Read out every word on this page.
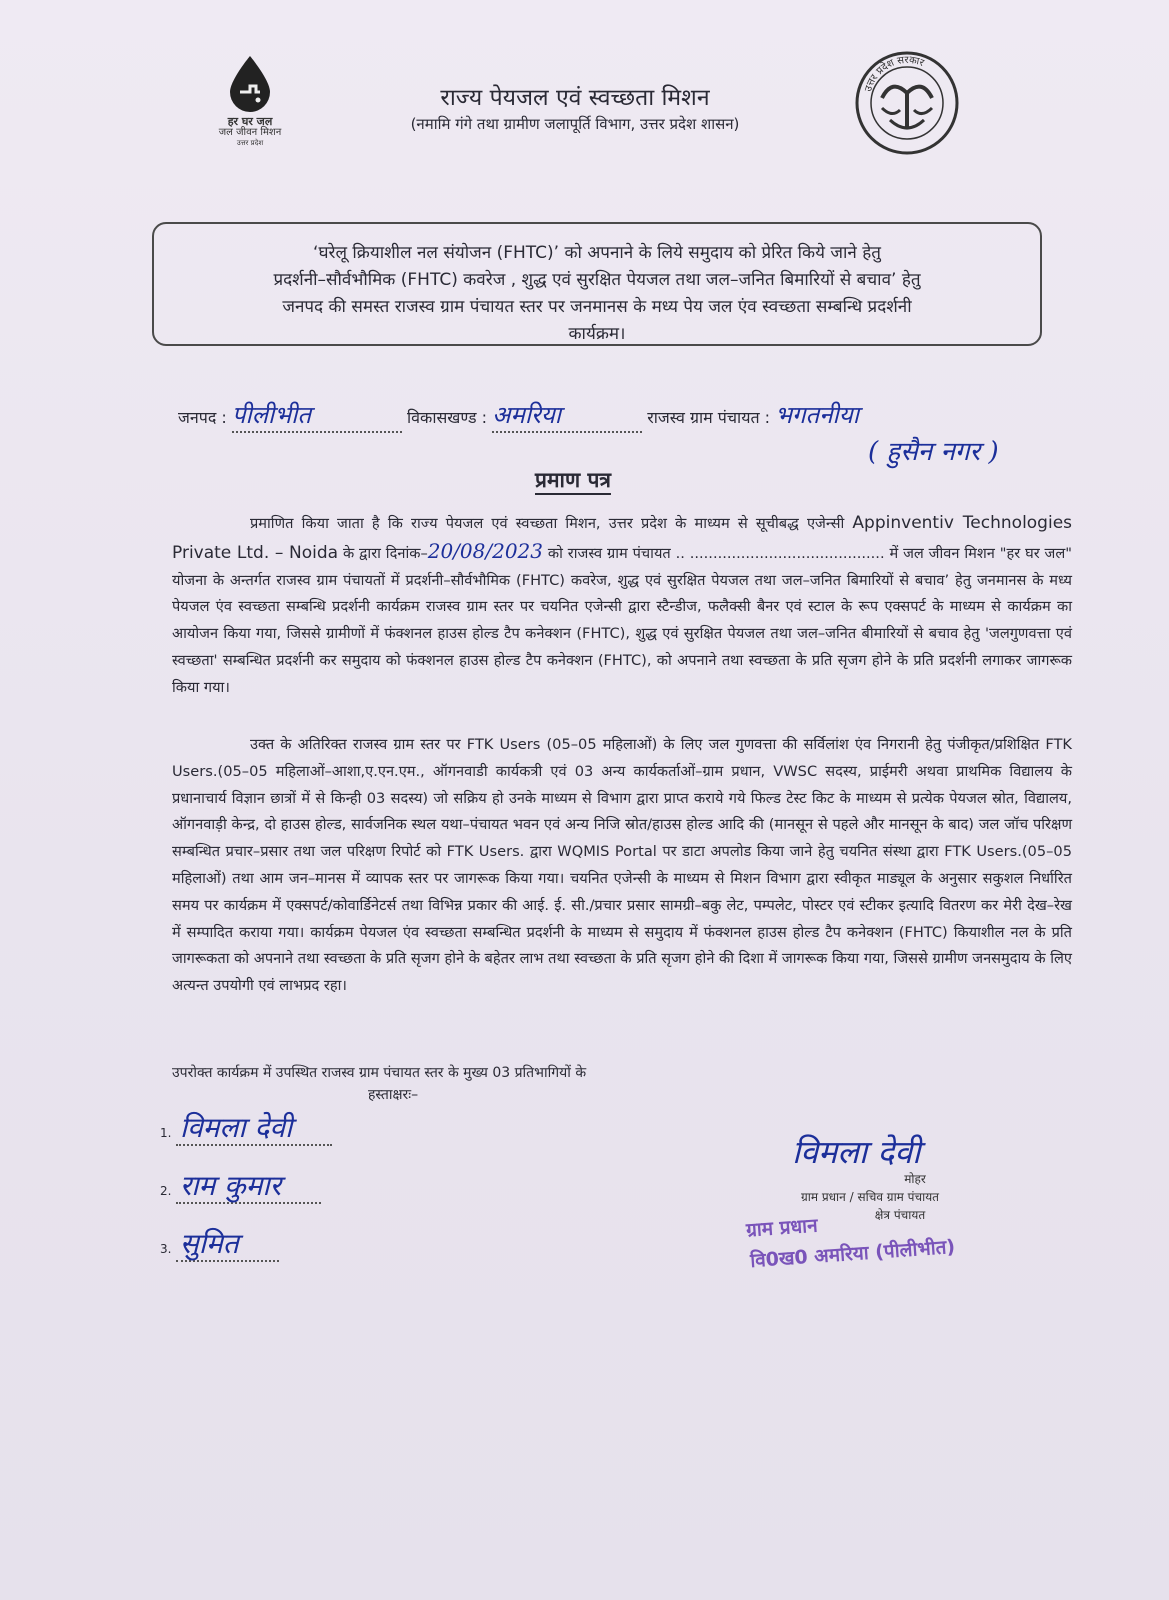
हर घर जल
जल जीवन मिशन
उत्तर प्रदेश
राज्य पेयजल एवं स्वच्छता मिशन
(नमामि गंगे तथा ग्रामीण जलापूर्ति विभाग, उत्तर प्रदेश शासन)
उत्तर प्रदेश सरकार
‘घरेलू क्रियाशील नल संयोजन (FHTC)’ को अपनाने के लिये समुदाय को प्रेरित किये जाने हेतु
प्रदर्शनी–सौर्वभौमिक (FHTC) कवरेज , शुद्ध एवं सुरक्षित पेयजल तथा जल–जनित बिमारियों से बचाव’ हेतु
जनपद की समस्त राजस्व ग्राम पंचायत स्तर पर जनमानस के मध्य पेय जल एंव स्वच्छता सम्बन्धि प्रदर्शनी
कार्यक्रम।
जनपद : पीलीभीत	विकासखण्ड : अमरिया	राजस्व ग्राम पंचायत : भगतनीया
( हुसैन नगर )
प्रमाण पत्र

प्रमाणित किया जाता है कि राज्य पेयजल एवं स्वच्छता मिशन, उत्तर प्रदेश के माध्यम से सूचीबद्ध एजेन्सी Appinventiv Technologies Private Ltd. – Noida के द्वारा दिनांक–20/08/2023 को राजस्व ग्राम पंचायत .. .......................................... में जल जीवन मिशन "हर घर जल" योजना के अन्तर्गत राजस्व ग्राम पंचायतों में प्रदर्शनी–सौर्वभौमिक (FHTC) कवरेज, शुद्ध एवं सुरक्षित पेयजल तथा जल–जनित बिमारियों से बचाव’ हेतु जनमानस के मध्य पेयजल एंव स्वच्छता सम्बन्धि प्रदर्शनी कार्यक्रम राजस्व ग्राम स्तर पर चयनित एजेन्सी द्वारा स्टैन्डीज, फलैक्सी बैनर एवं स्टाल के रूप एक्सपर्ट के माध्यम से कार्यक्रम का आयोजन किया गया, जिससे ग्रामीणों में फंक्शनल हाउस होल्ड टैप कनेक्शन (FHTC), शुद्ध एवं सुरक्षित पेयजल तथा जल–जनित बीमारियों से बचाव हेतु 'जलगुणवत्ता एवं स्वच्छता' सम्बन्धित प्रदर्शनी कर समुदाय को फंक्शनल हाउस होल्ड टैप कनेक्शन (FHTC), को अपनाने तथा स्वच्छता के प्रति सृजग होने के प्रति प्रदर्शनी लगाकर जागरूक किया गया।

उक्त के अतिरिक्त राजस्व ग्राम स्तर पर FTK Users (05–05 महिलाओं) के लिए जल गुणवत्ता की सर्विलांश एंव निगरानी हेतु पंजीकृत/प्रशिक्षित FTK Users.(05–05 महिलाओं–आशा,ए.एन.एम., ऑगनवाडी कार्यकत्री एवं 03 अन्य कार्यकर्ताओं–ग्राम प्रधान, VWSC सदस्य, प्राईमरी अथवा प्राथमिक विद्यालय के प्रधानाचार्य विज्ञान छात्रों में से किन्ही 03 सदस्य) जो सक्रिय हो उनके माध्यम से विभाग द्वारा प्राप्त कराये गये फिल्ड टेस्ट किट के माध्यम से प्रत्येक पेयजल स्रोत, विद्यालय, ऑगनवाड़ी केन्द्र, दो हाउस होल्ड, सार्वजनिक स्थल यथा–पंचायत भवन एवं अन्य निजि स्रोत/हाउस होल्ड आदि की (मानसून से पहले और मानसून के बाद) जल जॉच परिक्षण सम्बन्धित प्रचार–प्रसार तथा जल परिक्षण रिपोर्ट को FTK Users. द्वारा WQMIS Portal पर डाटा अपलोड किया जाने हेतु चयनित संस्था द्वारा FTK Users.(05–05 महिलाओं) तथा आम जन–मानस में व्यापक स्तर पर जागरूक किया गया। चयनित एजेन्सी के माध्यम से मिशन विभाग द्वारा स्वीकृत माड्यूल के अनुसार सकुशल निर्धारित समय पर कार्यक्रम में एक्सपर्ट/कोवार्डिनेटर्स तथा विभिन्न प्रकार की आई. ई. सी./प्रचार प्रसार सामग्री–बकु लेट, पम्पलेट, पोस्टर एवं स्टीकर इत्यादि वितरण कर मेरी देख–रेख में सम्पादित कराया गया। कार्यक्रम पेयजल एंव स्वच्छता सम्बन्धित प्रदर्शनी के माध्यम से समुदाय में फंक्शनल हाउस होल्ड टैप कनेक्शन (FHTC) कियाशील नल के प्रति जागरूकता को अपनाने तथा स्वच्छता के प्रति सृजग होने के बहेतर लाभ तथा स्वच्छता के प्रति सृजग होने की दिशा में जागरूक किया गया, जिससे ग्रामीण जनसमुदाय के लिए अत्यन्त उपयोगी एवं लाभप्रद रहा।

उपरोक्त कार्यक्रम में उपस्थित राजस्व ग्राम पंचायत स्तर के मुख्य 03 प्रतिभागियों के
हस्ताक्षरः–
1. विमला देवी
2. राम कुमार
3. सुमित
विमला देवी
मोहर
ग्राम प्रधान / सचिव ग्राम पंचायत
क्षेत्र पंचायत
ग्राम प्रधान
वि0ख0 अमरिया (पीलीभीत)
